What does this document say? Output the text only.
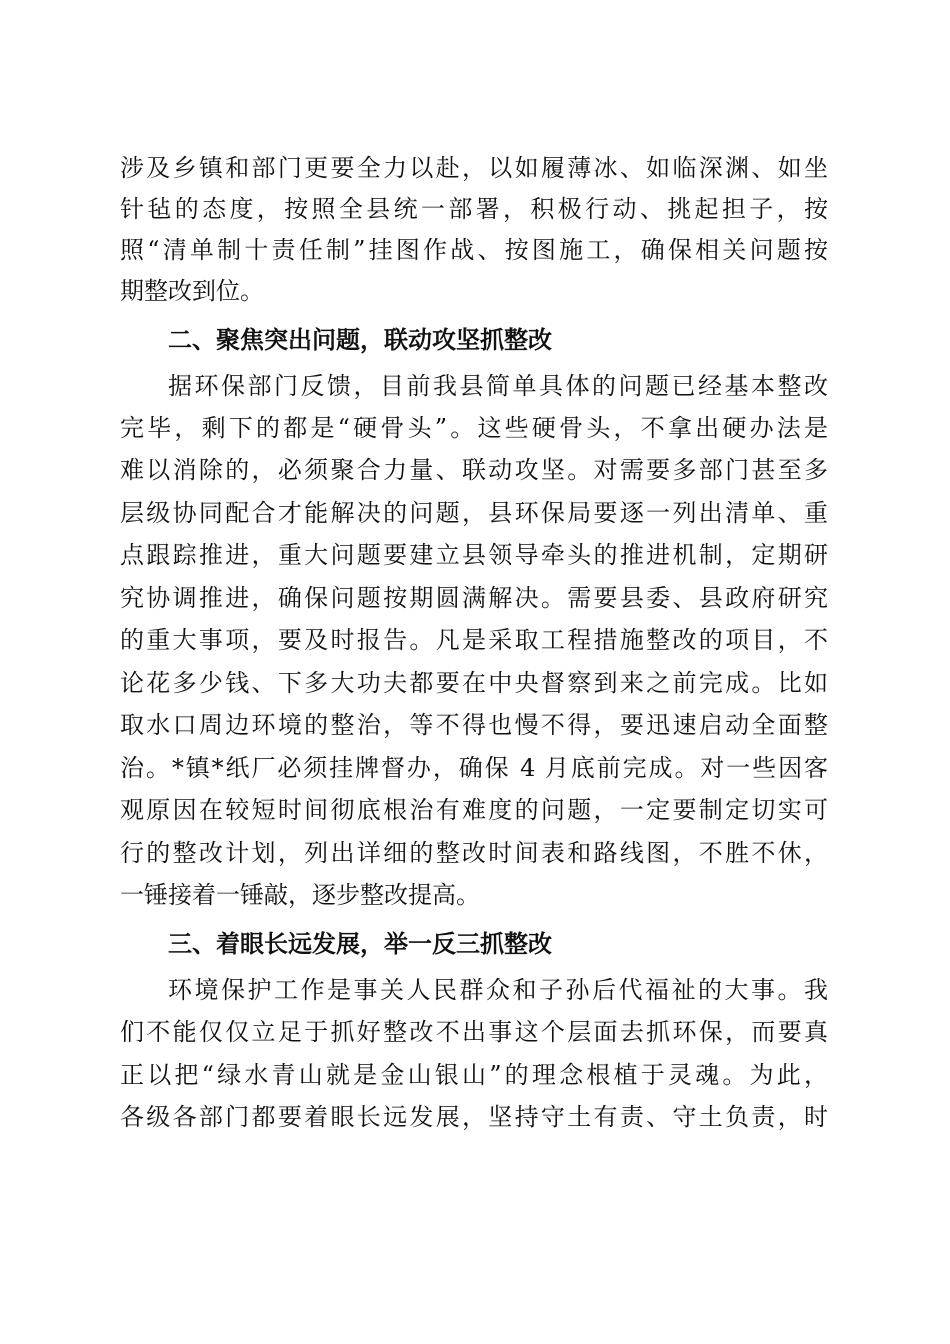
涉及乡镇和部门更要全力以赴，以如履薄冰、如临深渊、如坐
针毡的态度，按照全县统一部署，积极行动、挑起担子，按
照“清单制十责任制”挂图作战、按图施工，确保相关问题按
期整改到位。
二、聚焦突出问题，联动攻坚抓整改
据环保部门反馈，目前我县简单具体的问题已经基本整改
完毕，剩下的都是“硬骨头”。这些硬骨头，不拿出硬办法是
难以消除的，必须聚合力量、联动攻坚。对需要多部门甚至多
层级协同配合才能解决的问题，县环保局要逐一列出清单、重
点跟踪推进，重大问题要建立县领导牵头的推进机制，定期研
究协调推进，确保问题按期圆满解决。需要县委、县政府研究
的重大事项，要及时报告。凡是采取工程措施整改的项目，不
论花多少钱、下多大功夫都要在中央督察到来之前完成。比如
取水口周边环境的整治，等不得也慢不得，要迅速启动全面整
治。*镇*纸厂必须挂牌督办，确保 4 月底前完成。对一些因客
观原因在较短时间彻底根治有难度的问题，一定要制定切实可
行的整改计划，列出详细的整改时间表和路线图，不胜不休，
一锤接着一锤敲，逐步整改提高。
三、着眼长远发展，举一反三抓整改
环境保护工作是事关人民群众和子孙后代福祉的大事。我
们不能仅仅立足于抓好整改不出事这个层面去抓环保，而要真
正以把“绿水青山就是金山银山”的理念根植于灵魂。为此，
各级各部门都要着眼长远发展，坚持守土有责、守土负责，时
